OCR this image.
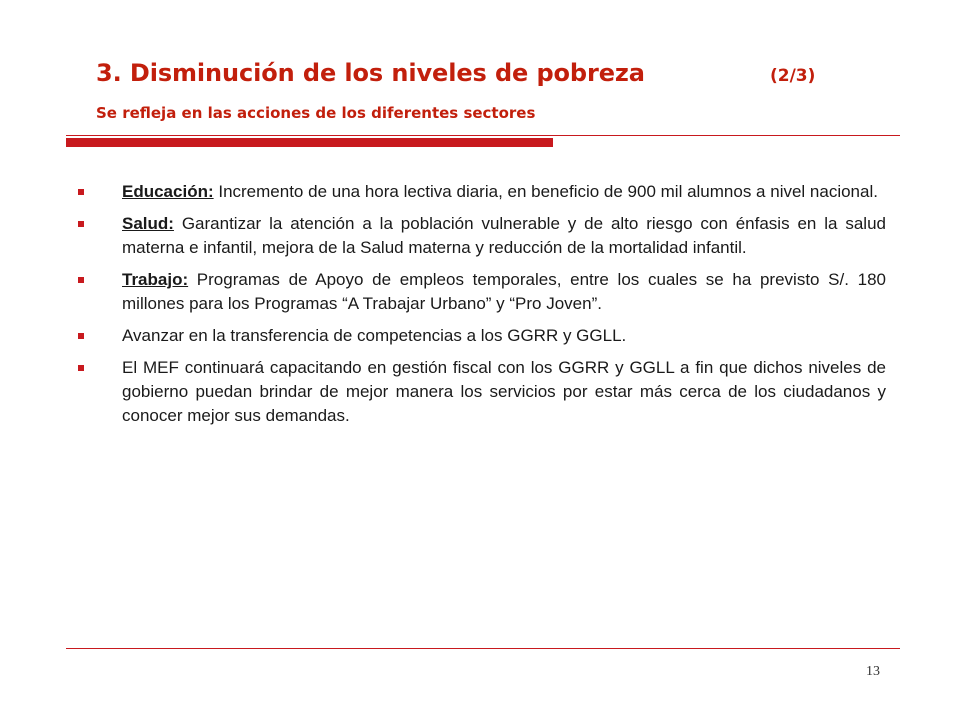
3. Disminución de los niveles de pobreza	(2/3)
Se refleja en las acciones de los diferentes sectores
Educación: Incremento de una hora lectiva diaria, en beneficio de 900 mil alumnos a nivel nacional.
Salud: Garantizar la atención a la población vulnerable y de alto riesgo con énfasis en la salud materna e infantil, mejora de la Salud materna y reducción de la mortalidad infantil.
Trabajo: Programas de Apoyo de empleos temporales, entre los cuales se ha previsto S/. 180 millones para los Programas “A Trabajar Urbano” y “Pro Joven”.
Avanzar en la transferencia de competencias a los GGRR y GGLL.
El MEF continuará capacitando en gestión fiscal con los GGRR y GGLL a fin que dichos niveles de gobierno puedan brindar de mejor manera los servicios por estar más cerca de los ciudadanos y conocer mejor sus demandas.
13
